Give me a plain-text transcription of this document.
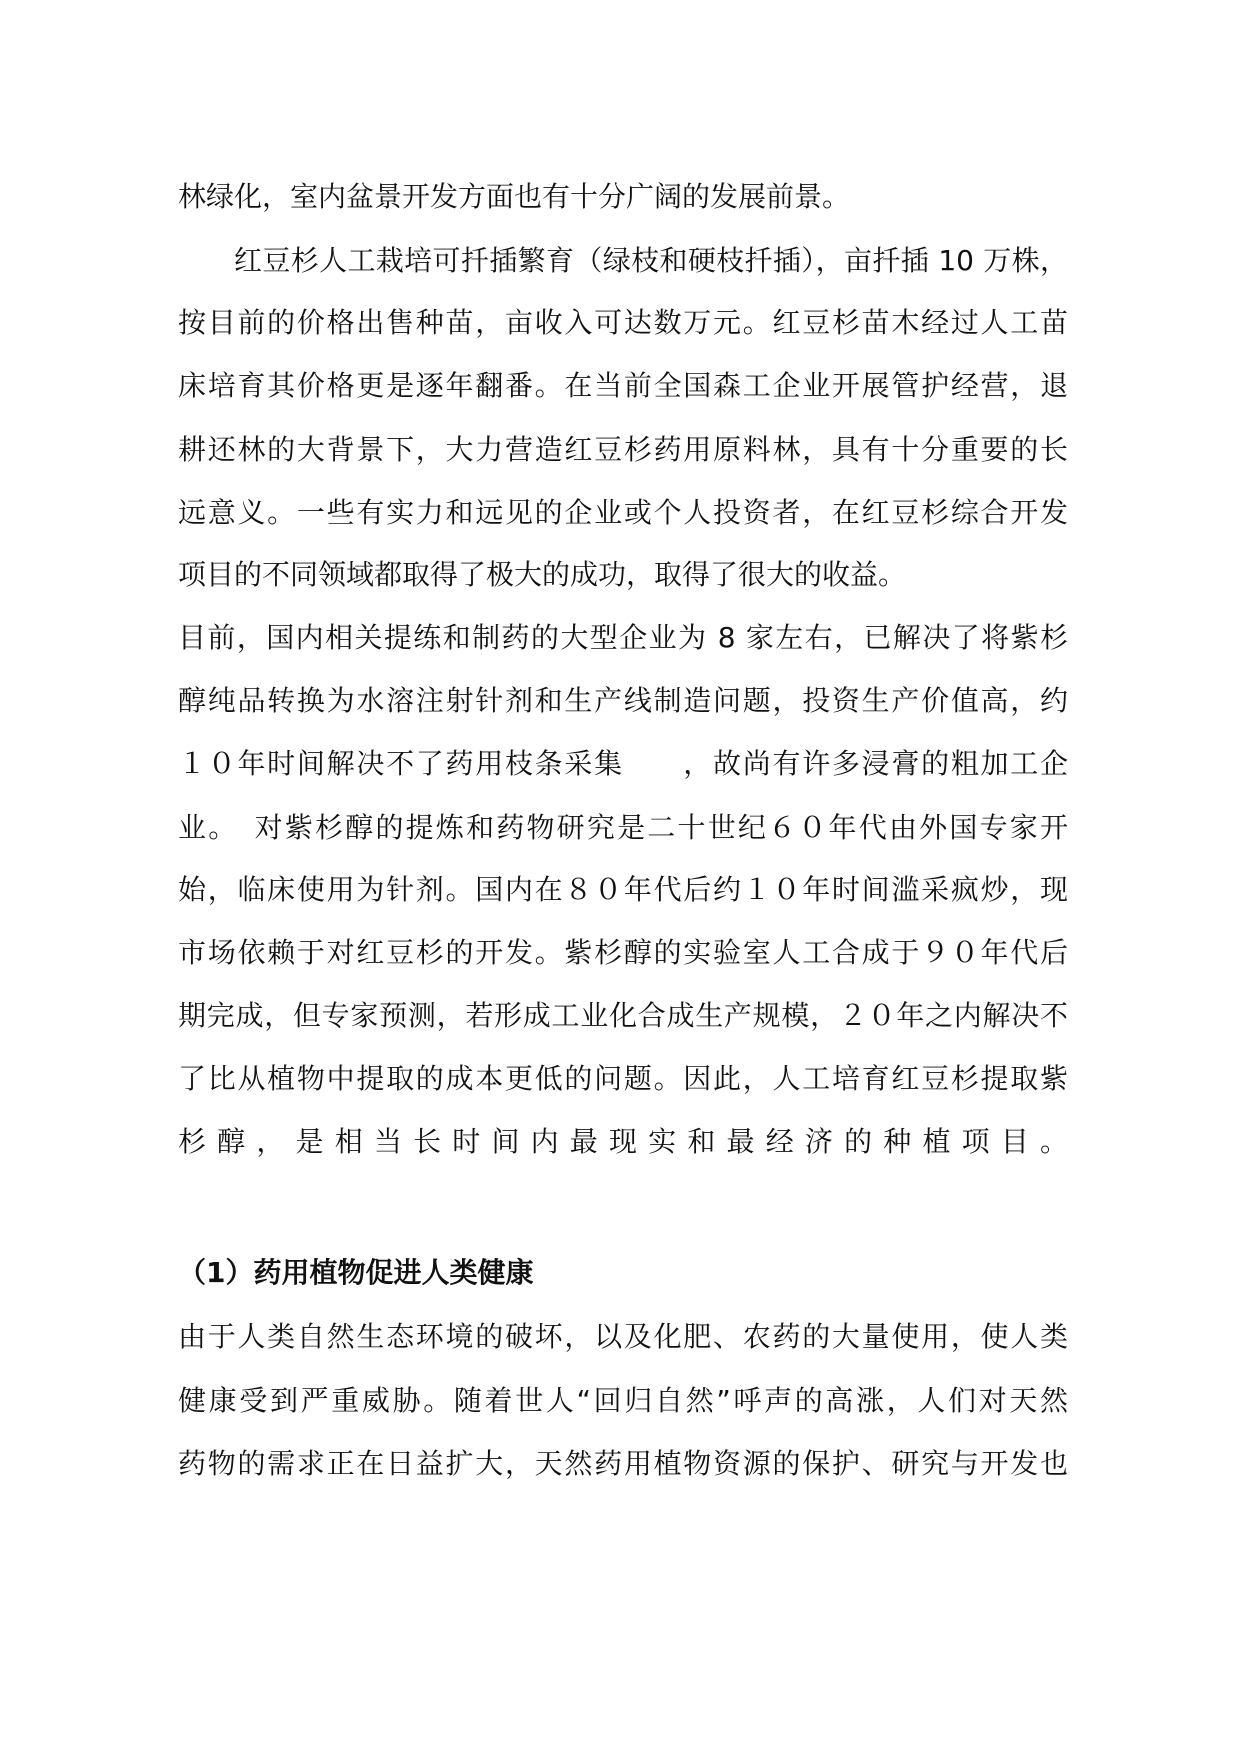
林绿化，室内盆景开发方面也有十分广阔的发展前景。
红豆杉人工栽培可扦插繁育（绿枝和硬枝扦插），亩扦插 10 万株，
按目前的价格出售种苗，亩收入可达数万元。红豆杉苗木经过人工苗
床培育其价格更是逐年翻番。在当前全国森工企业开展管护经营，退
耕还林的大背景下，大力营造红豆杉药用原料林，具有十分重要的长
远意义。一些有实力和远见的企业或个人投资者，在红豆杉综合开发
项目的不同领域都取得了极大的成功，取得了很大的收益。
目前，国内相关提练和制药的大型企业为 8 家左右，已解决了将紫杉
醇纯品转换为水溶注射针剂和生产线制造问题，投资生产价值高，约
１０年时间解决不了药用枝条采集　　，故尚有许多浸膏的粗加工企
业。　对紫杉醇的提炼和药物研究是二十世纪６０年代由外国专家开
始，临床使用为针剂。国内在８０年代后约１０年时间滥采疯炒，现
市场依赖于对红豆杉的开发。紫杉醇的实验室人工合成于９０年代后
期完成，但专家预测，若形成工业化合成生产规模，２０年之内解决不
了比从植物中提取的成本更低的问题。因此，人工培育红豆杉提取紫
杉醇，是相当长时间内最现实和最经济的种植项目。
（1）药用植物促进人类健康
由于人类自然生态环境的破坏，以及化肥、农药的大量使用，使人类
健康受到严重威胁。随着世人“回归自然”呼声的高涨，人们对天然
药物的需求正在日益扩大，天然药用植物资源的保护、研究与开发也
